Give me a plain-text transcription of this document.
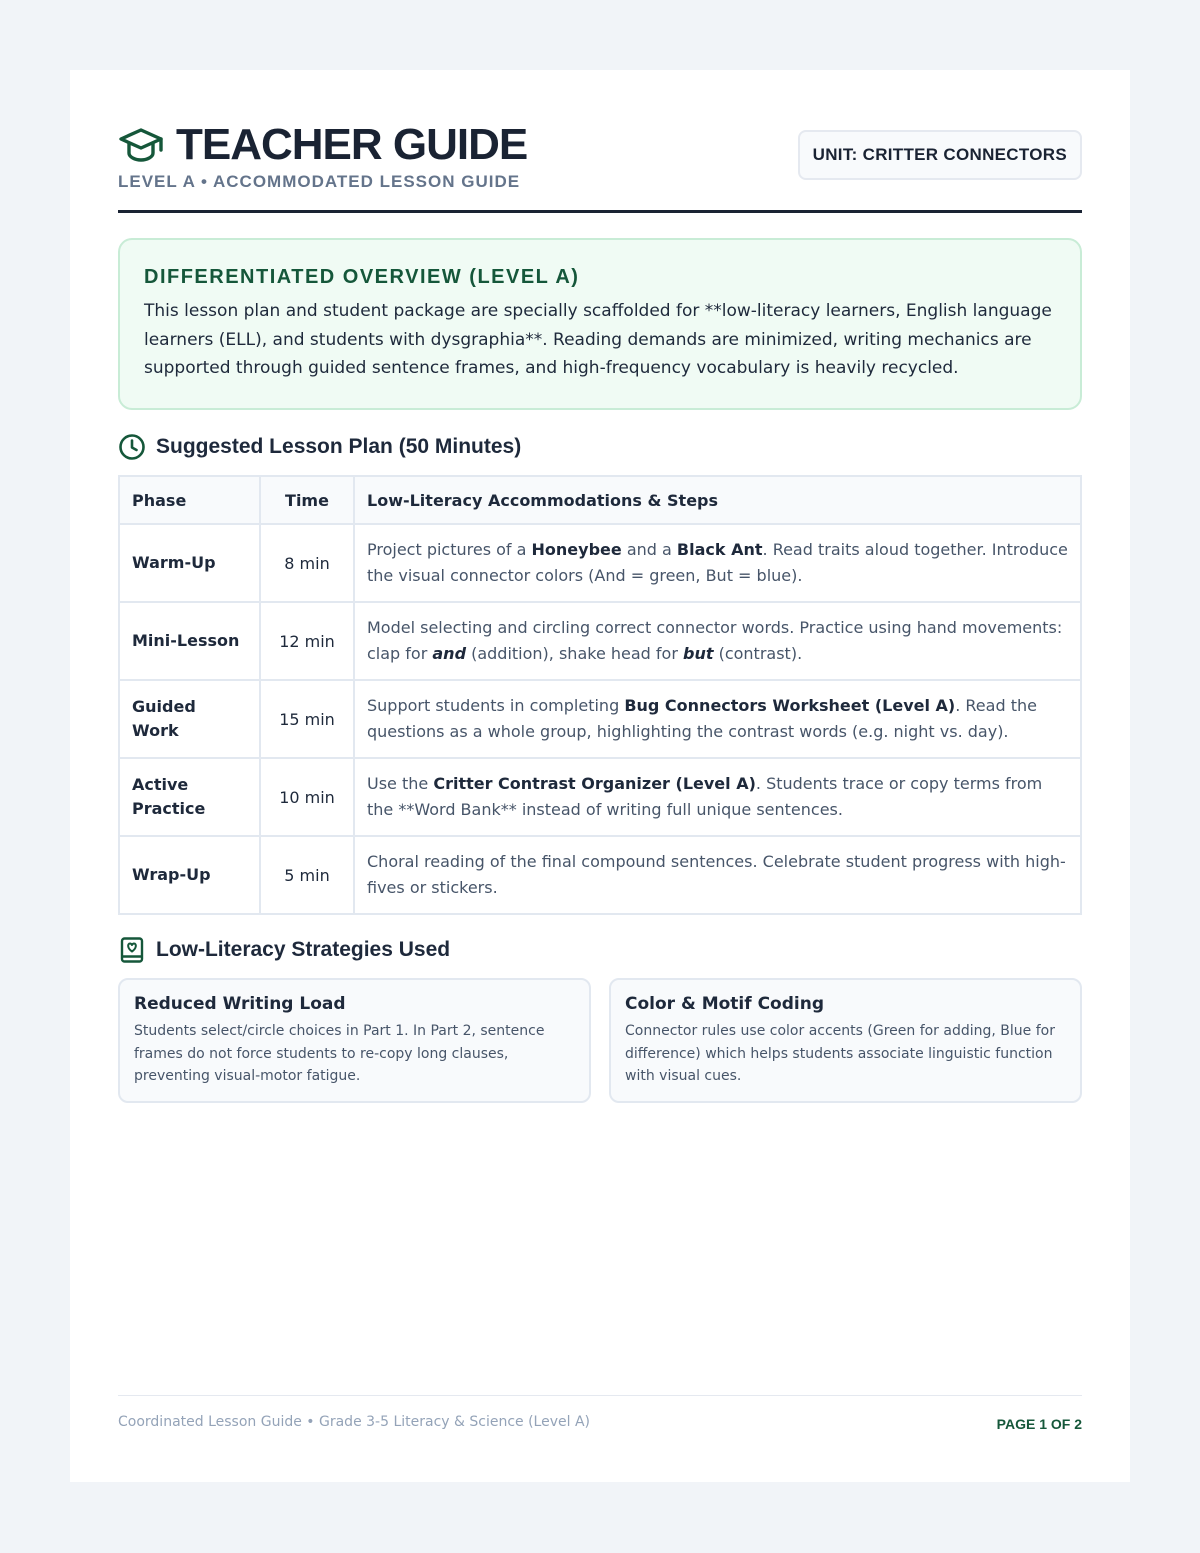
TEACHER GUIDE
LEVEL A • ACCOMMODATED LESSON GUIDE
UNIT: CRITTER CONNECTORS
DIFFERENTIATED OVERVIEW (LEVEL A)
This lesson plan and student package are specially scaffolded for **low-literacy learners, English language learners (ELL), and students with dysgraphia**. Reading demands are minimized, writing mechanics are supported through guided sentence frames, and high-frequency vocabulary is heavily recycled.
Suggested Lesson Plan (50 Minutes)
Phase	Time	Low-Literacy Accommodations & Steps
Warm-Up	8 min	Project pictures of a Honeybee and a Black Ant. Read traits aloud together. Introduce the visual connector colors (And = green, But = blue).
Mini-Lesson	12 min	Model selecting and circling correct connector words. Practice using hand movements: clap for and (addition), shake head for but (contrast).
Guided Work	15 min	Support students in completing Bug Connectors Worksheet (Level A). Read the questions as a whole group, highlighting the contrast words (e.g. night vs. day).
Active Practice	10 min	Use the Critter Contrast Organizer (Level A). Students trace or copy terms from the **Word Bank** instead of writing full unique sentences.
Wrap-Up	5 min	Choral reading of the final compound sentences. Celebrate student progress with high-fives or stickers.
Low-Literacy Strategies Used
Reduced Writing Load
Students select/circle choices in Part 1. In Part 2, sentence frames do not force students to re-copy long clauses, preventing visual-motor fatigue.
Color & Motif Coding
Connector rules use color accents (Green for adding, Blue for difference) which helps students associate linguistic function with visual cues.
Coordinated Lesson Guide • Grade 3-5 Literacy & Science (Level A)	PAGE 1 OF 2
